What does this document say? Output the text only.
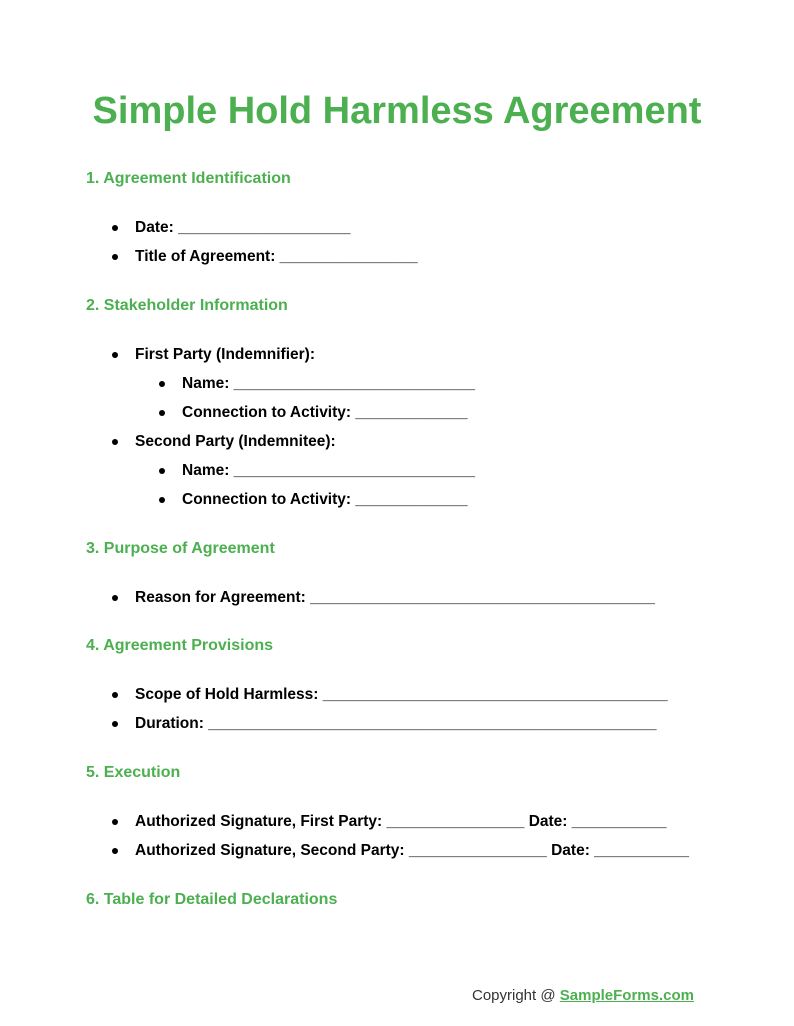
Simple Hold Harmless Agreement
1. Agreement Identification

Date: ____________________

Title of Agreement: ________________

2. Stakeholder Information

First Party (Indemnifier):

Name: ____________________________

Connection to Activity: _____________

Second Party (Indemnitee):

Name: ____________________________

Connection to Activity: _____________

3. Purpose of Agreement

Reason for Agreement: ________________________________________

4. Agreement Provisions

Scope of Hold Harmless: ________________________________________

Duration: ____________________________________________________

5. Execution

Authorized Signature, First Party: ________________ Date: ___________

Authorized Signature, Second Party: ________________ Date: ___________

6. Table for Detailed Declarations
Copyright @ SampleForms.com
